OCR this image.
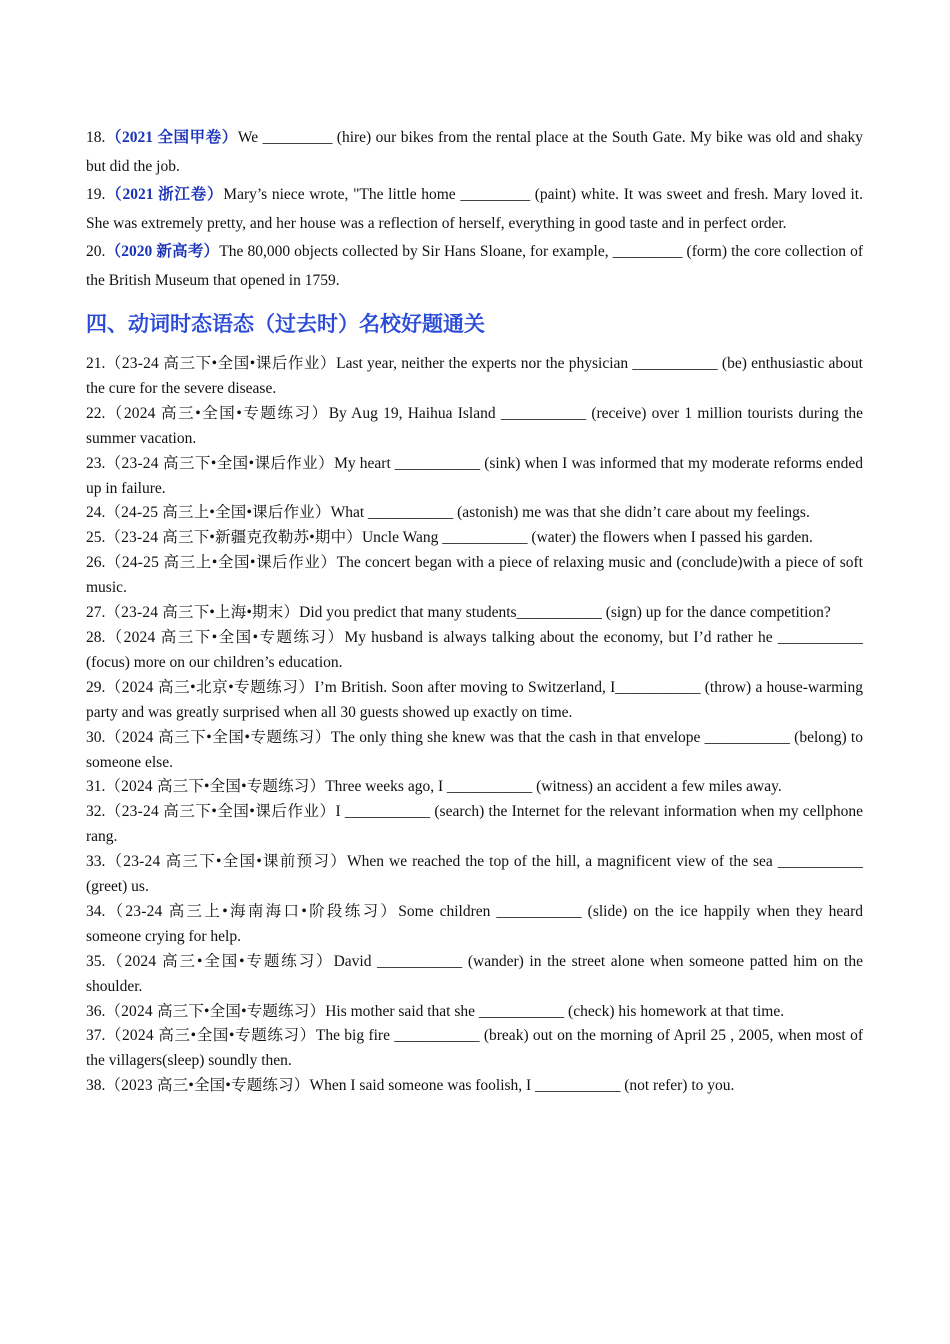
18.（2021 全国甲卷）We _________ (hire) our bikes from the rental place at the South Gate. My bike was old and shaky but did the job.

19.（2021 浙江卷）Mary’s niece wrote, "The little home _________ (paint) white. It was sweet and fresh. Mary loved it. She was extremely pretty, and her house was a reflection of herself, everything in good taste and in perfect order.

20.（2020 新高考）The 80,000 objects collected by Sir Hans Sloane, for example, _________ (form) the core collection of the British Museum that opened in 1759.

四、动词时态语态（过去时）名校好题通关

21.（23-24 高三下•全国•课后作业）Last year, neither the experts nor the physician ___________ (be) enthusiastic about the cure for the severe disease.

22.（2024 高三•全国•专题练习）By Aug 19, Haihua Island ___________ (receive) over 1 million tourists during the summer vacation.

23.（23-24 高三下•全国•课后作业）My heart ___________ (sink) when I was informed that my moderate reforms ended up in failure.

24.（24-25 高三上•全国•课后作业）What ___________ (astonish) me was that she didn’t care about my feelings.

25.（23-24 高三下•新疆克孜勒苏•期中）Uncle Wang ___________ (water) the flowers when I passed his garden.

26.（24-25 高三上•全国•课后作业）The concert began with a piece of relaxing music and (conclude)with a piece of soft music.

27.（23-24 高三下•上海•期末）Did you predict that many students___________ (sign) up for the dance competition?

28.（2024 高三下•全国•专题练习）My husband is always talking about the economy, but I’d rather he ___________ (focus) more on our children’s education.

29.（2024 高三•北京•专题练习）I’m British. Soon after moving to Switzerland, I___________ (throw) a house-warming party and was greatly surprised when all 30 guests showed up exactly on time.

30.（2024 高三下•全国•专题练习）The only thing she knew was that the cash in that envelope ___________ (belong) to someone else.

31.（2024 高三下•全国•专题练习）Three weeks ago, I ___________ (witness) an accident a few miles away.

32.（23-24 高三下•全国•课后作业）I ___________ (search) the Internet for the relevant information when my cellphone rang.

33.（23-24 高三下•全国•课前预习）When we reached the top of the hill, a magnificent view of the sea ___________ (greet) us.

34.（23-24 高三上•海南海口•阶段练习）Some children ___________ (slide) on the ice happily when they heard someone crying for help.

35.（2024 高三•全国•专题练习）David ___________ (wander) in the street alone when someone patted him on the shoulder.

36.（2024 高三下•全国•专题练习）His mother said that she ___________ (check) his homework at that time.

37.（2024 高三•全国•专题练习）The big fire ___________ (break) out on the morning of April 25 , 2005, when most of the villagers(sleep) soundly then.

38.（2023 高三•全国•专题练习）When I said someone was foolish, I ___________ (not refer) to you.
